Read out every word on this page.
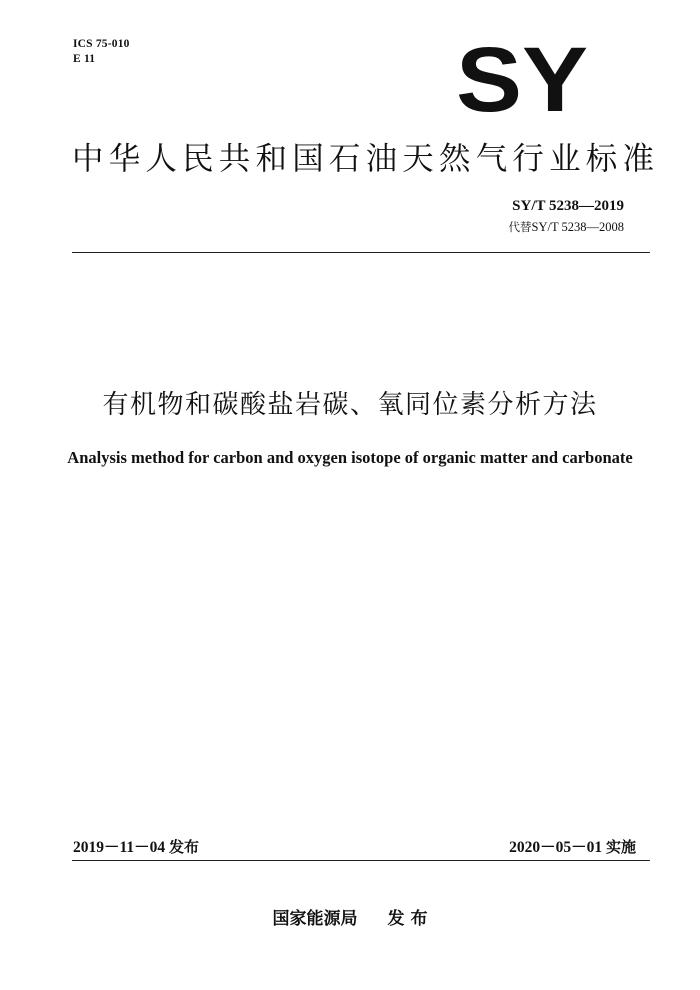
ICS 75-010
E 11	SY
中华人民共和国石油天然气行业标准
SY/T 5238—2019
代替SY/T 5238—2008
有机物和碳酸盐岩碳、氧同位素分析方法
Analysis method for carbon and oxygen isotope of organic matter and carbonate
2019－11－04 发布	2020－05－01 实施
国家能源局 发 布
